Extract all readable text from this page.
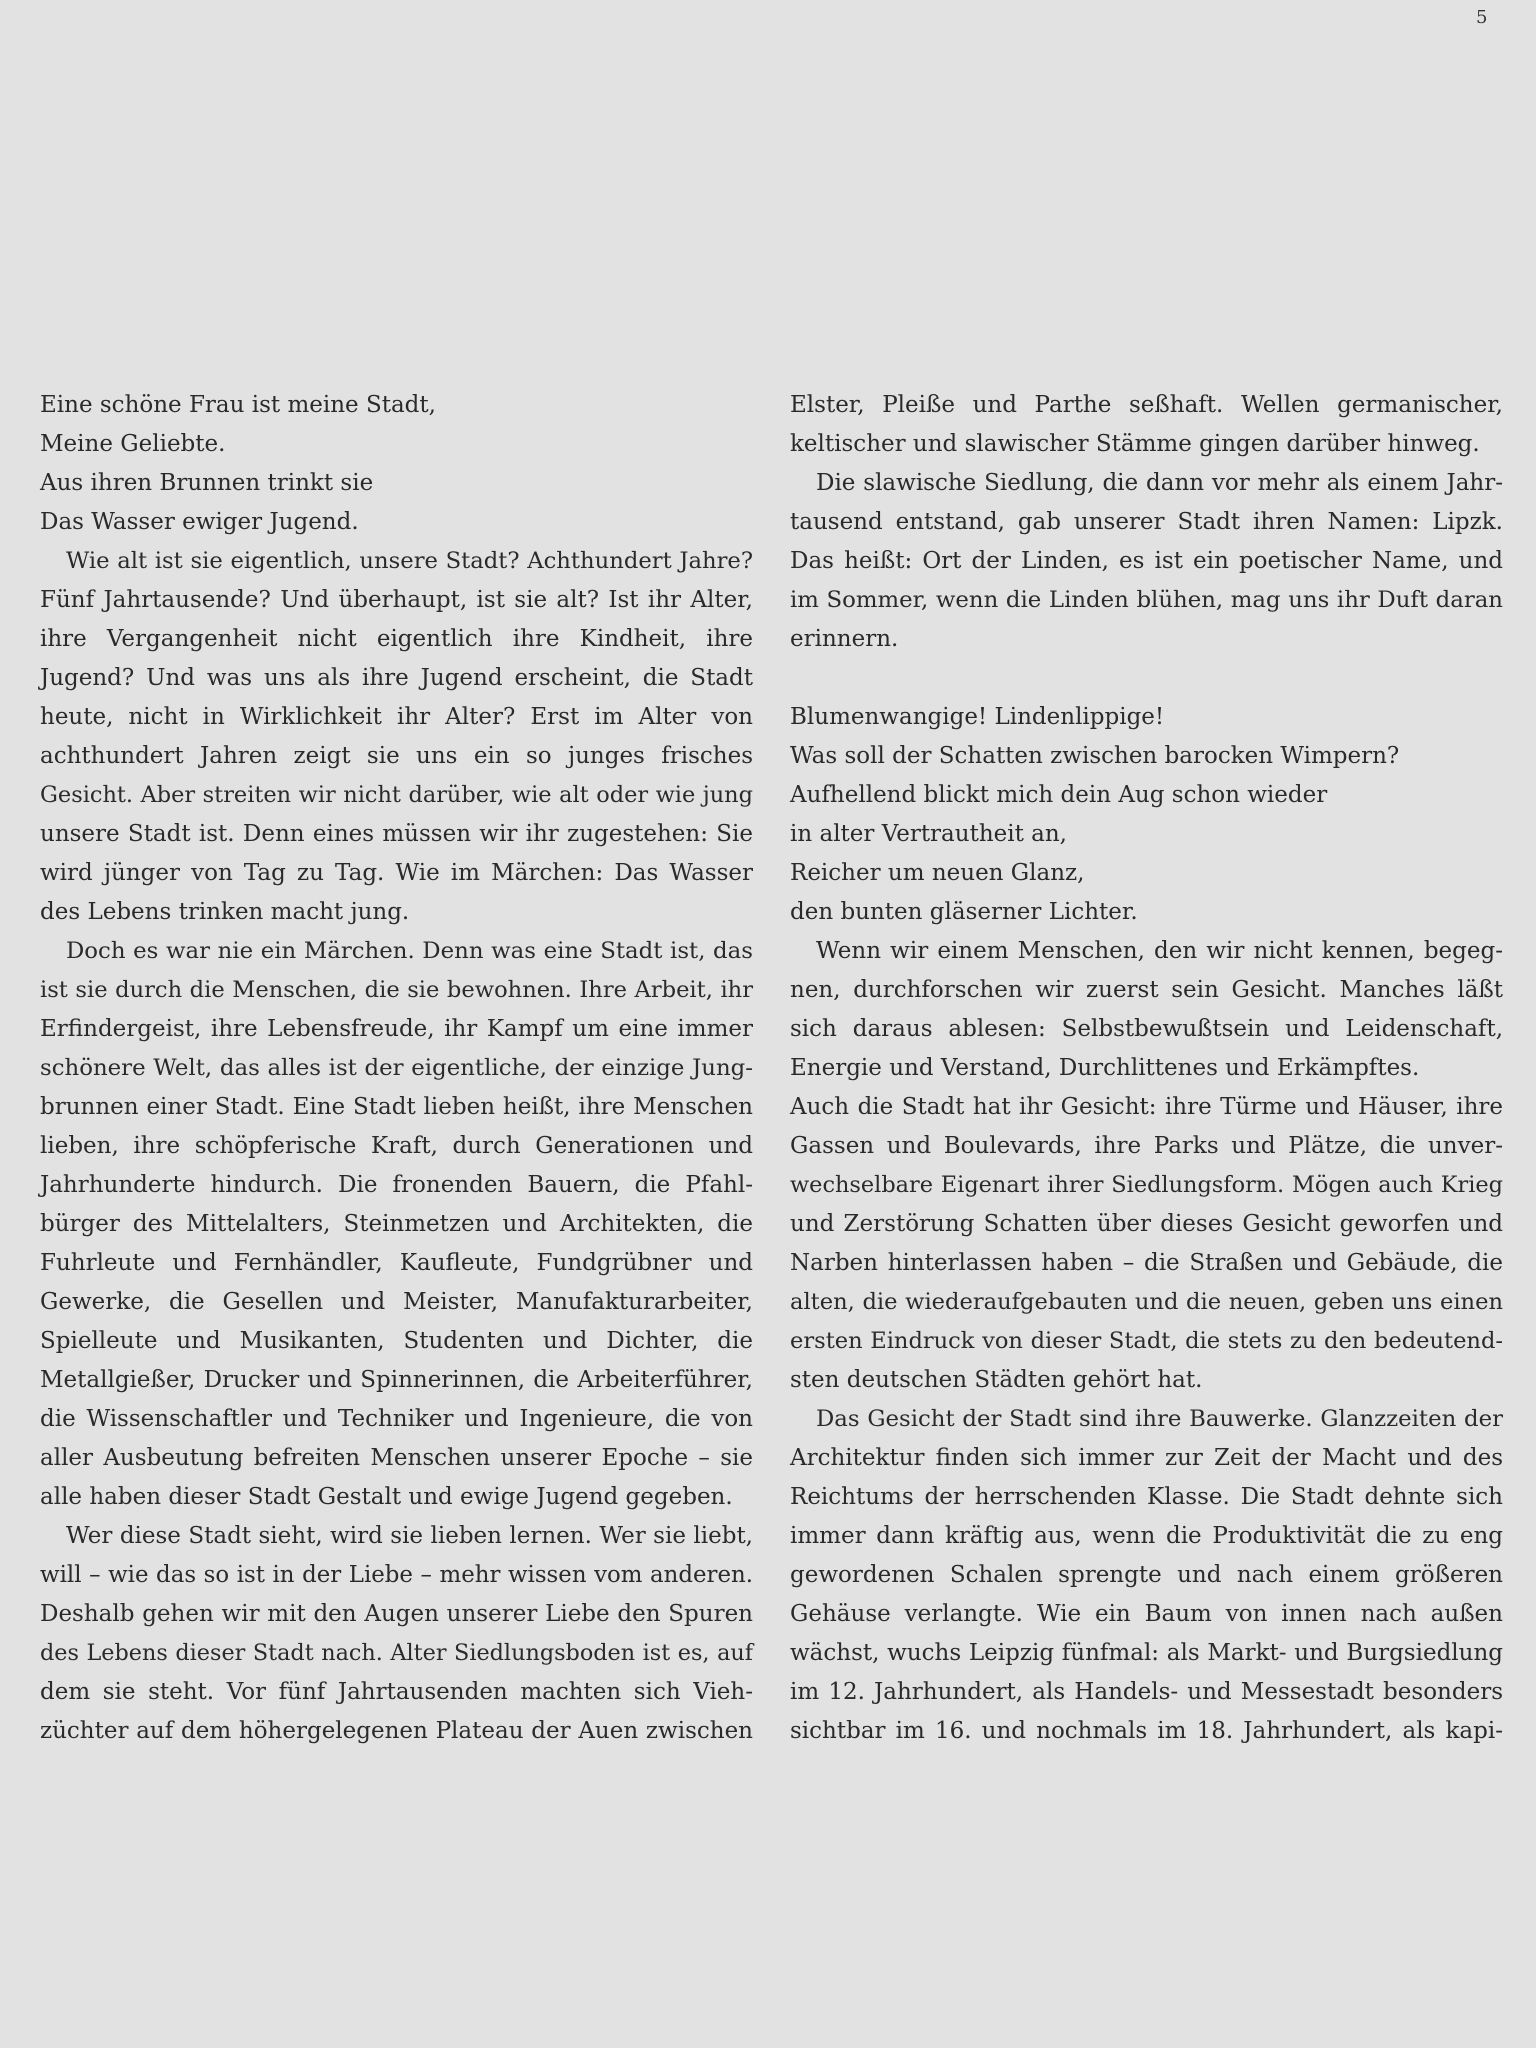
5
Eine schöne Frau ist meine Stadt,
Meine Geliebte.
Aus ihren Brunnen trinkt sie
Das Wasser ewiger Jugend.
Wie alt ist sie eigentlich, unsere Stadt? Achthundert Jahre?
Fünf Jahrtausende? Und überhaupt, ist sie alt? Ist ihr Alter,
ihre Vergangenheit nicht eigentlich ihre Kindheit, ihre
Jugend? Und was uns als ihre Jugend erscheint, die Stadt
heute, nicht in Wirklichkeit ihr Alter? Erst im Alter von
achthundert Jahren zeigt sie uns ein so junges frisches
Gesicht. Aber streiten wir nicht darüber, wie alt oder wie jung
unsere Stadt ist. Denn eines müssen wir ihr zugestehen: Sie
wird jünger von Tag zu Tag. Wie im Märchen: Das Wasser
des Lebens trinken macht jung.
Doch es war nie ein Märchen. Denn was eine Stadt ist, das
ist sie durch die Menschen, die sie bewohnen. Ihre Arbeit, ihr
Erfindergeist, ihre Lebensfreude, ihr Kampf um eine immer
schönere Welt, das alles ist der eigentliche, der einzige Jung-
brunnen einer Stadt. Eine Stadt lieben heißt, ihre Menschen
lieben, ihre schöpferische Kraft, durch Generationen und
Jahrhunderte hindurch. Die fronenden Bauern, die Pfahl-
bürger des Mittelalters, Steinmetzen und Architekten, die
Fuhrleute und Fernhändler, Kaufleute, Fundgrübner und
Gewerke, die Gesellen und Meister, Manufakturarbeiter,
Spielleute und Musikanten, Studenten und Dichter, die
Metallgießer, Drucker und Spinnerinnen, die Arbeiterführer,
die Wissenschaftler und Techniker und Ingenieure, die von
aller Ausbeutung befreiten Menschen unserer Epoche – sie
alle haben dieser Stadt Gestalt und ewige Jugend gegeben.
Wer diese Stadt sieht, wird sie lieben lernen. Wer sie liebt,
will – wie das so ist in der Liebe – mehr wissen vom anderen.
Deshalb gehen wir mit den Augen unserer Liebe den Spuren
des Lebens dieser Stadt nach. Alter Siedlungsboden ist es, auf
dem sie steht. Vor fünf Jahrtausenden machten sich Vieh-
züchter auf dem höhergelegenen Plateau der Auen zwischen
Elster, Pleiße und Parthe seßhaft. Wellen germanischer,
keltischer und slawischer Stämme gingen darüber hinweg.
Die slawische Siedlung, die dann vor mehr als einem Jahr-
tausend entstand, gab unserer Stadt ihren Namen: Lipzk.
Das heißt: Ort der Linden, es ist ein poetischer Name, und
im Sommer, wenn die Linden blühen, mag uns ihr Duft daran
erinnern.
Blumenwangige! Lindenlippige!
Was soll der Schatten zwischen barocken Wimpern?
Aufhellend blickt mich dein Aug schon wieder
in alter Vertrautheit an,
Reicher um neuen Glanz,
den bunten gläserner Lichter.
Wenn wir einem Menschen, den wir nicht kennen, begeg-
nen, durchforschen wir zuerst sein Gesicht. Manches läßt
sich daraus ablesen: Selbstbewußtsein und Leidenschaft,
Energie und Verstand, Durchlittenes und Erkämpftes.
Auch die Stadt hat ihr Gesicht: ihre Türme und Häuser, ihre
Gassen und Boulevards, ihre Parks und Plätze, die unver-
wechselbare Eigenart ihrer Siedlungsform. Mögen auch Krieg
und Zerstörung Schatten über dieses Gesicht geworfen und
Narben hinterlassen haben – die Straßen und Gebäude, die
alten, die wiederaufgebauten und die neuen, geben uns einen
ersten Eindruck von dieser Stadt, die stets zu den bedeutend-
sten deutschen Städten gehört hat.
Das Gesicht der Stadt sind ihre Bauwerke. Glanzzeiten der
Architektur finden sich immer zur Zeit der Macht und des
Reichtums der herrschenden Klasse. Die Stadt dehnte sich
immer dann kräftig aus, wenn die Produktivität die zu eng
gewordenen Schalen sprengte und nach einem größeren
Gehäuse verlangte. Wie ein Baum von innen nach außen
wächst, wuchs Leipzig fünfmal: als Markt- und Burgsiedlung
im 12. Jahrhundert, als Handels- und Messestadt besonders
sichtbar im 16. und nochmals im 18. Jahrhundert, als kapi-
